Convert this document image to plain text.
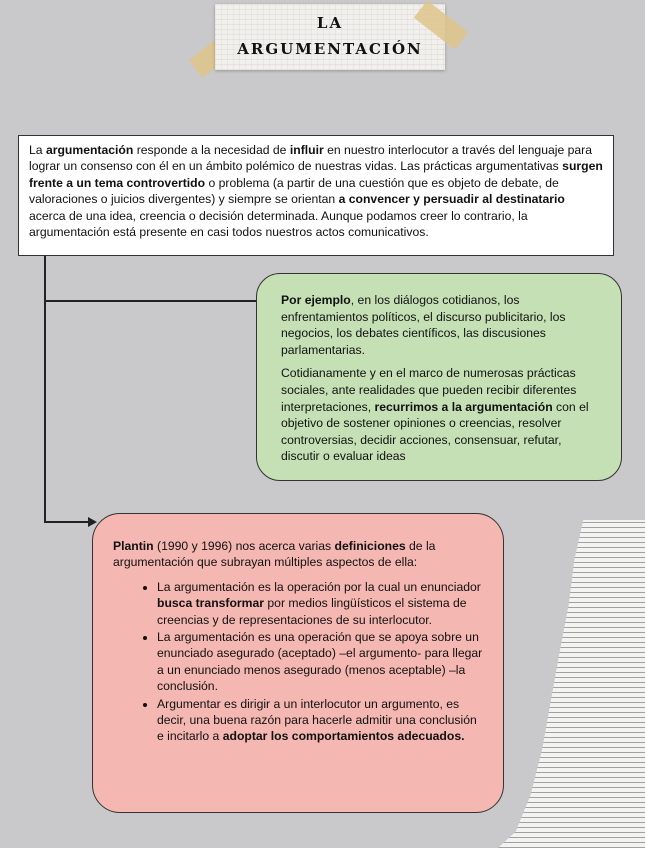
LA
ARGUMENTACIÓN
La argumentación responde a la necesidad de influir en nuestro interlocutor a través del lenguaje para lograr un consenso con él en un ámbito polémico de nuestras vidas. Las prácticas argumentativas surgen frente a un tema controvertido o problema (a partir de una cuestión que es objeto de debate, de valoraciones o juicios divergentes) y siempre se orientan a convencer y persuadir al destinatario acerca de una idea, creencia o decisión determinada. Aunque podamos creer lo contrario, la argumentación está presente en casi todos nuestros actos comunicativos.

Por ejemplo, en los diálogos cotidianos, los enfrentamientos políticos, el discurso publicitario, los negocios, los debates científicos, las discusiones parlamentarias.

Cotidianamente y en el marco de numerosas prácticas sociales, ante realidades que pueden recibir diferentes interpretaciones, recurrimos a la argumentación con el objetivo de sostener opiniones o creencias, resolver controversias, decidir acciones, consensuar, refutar, discutir o evaluar ideas

Plantin (1990 y 1996) nos acerca varias definiciones de la argumentación que subrayan múltiples aspectos de ella:

• La argumentación es la operación por la cual un enunciador busca transformar por medios lingüísticos el sistema de creencias y de representaciones de su interlocutor.
• La argumentación es una operación que se apoya sobre un enunciado asegurado (aceptado) –el argumento- para llegar a un enunciado menos asegurado (menos aceptable) –la conclusión.
• Argumentar es dirigir a un interlocutor un argumento, es decir, una buena razón para hacerle admitir una conclusión e incitarlo a adoptar los comportamientos adecuados.
